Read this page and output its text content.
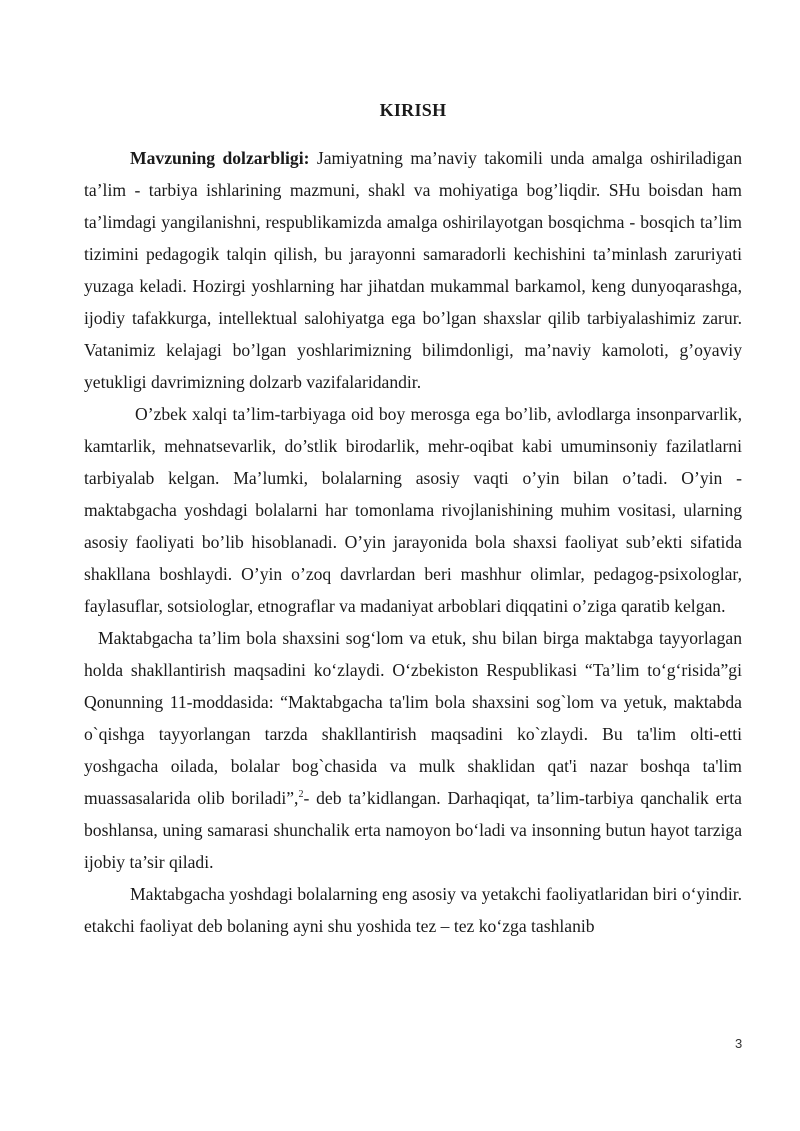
KIRISH

Mavzuning dolzarbligi: Jamiyatning ma’naviy takomili unda amalga oshiriladigan ta’lim - tarbiya ishlarining mazmuni, shakl va mohiyatiga bog’liqdir. SHu boisdan ham ta’limdagi yangilanishni, respublikamizda amalga oshirilayotgan bosqichma - bosqich ta’lim tizimini pedagogik talqin qilish, bu jarayonni samaradorli kechishini ta’minlash zaruriyati yuzaga keladi. Hozirgi yoshlarning har jihatdan mukammal barkamol, keng dunyoqarashga, ijodiy tafakkurga, intellektual salohiyatga ega bo’lgan shaxslar qilib tarbiyalashimiz zarur. Vatanimiz kelajagi bo’lgan yoshlarimizning bilimdonligi, ma’naviy kamoloti, g’oyaviy yetukligi davrimizning dolzarb vazifalaridandir.

O’zbek xalqi ta’lim-tarbiyaga oid boy merosga ega bo’lib, avlodlarga insonparvarlik, kamtarlik, mehnatsevarlik, do’stlik birodarlik, mehr-oqibat kabi umuminsoniy fazilatlarni tarbiyalab kelgan. Ma’lumki, bolalarning asosiy vaqti o’yin bilan o’tadi. O’yin - maktabgacha yoshdagi bolalarni har tomonlama rivojlanishining muhim vositasi, ularning asosiy faoliyati bo’lib hisoblanadi. O’yin jarayonida bola shaxsi faoliyat sub’ekti sifatida shakllana boshlaydi. O’yin o’zoq davrlardan beri mashhur olimlar, pedagog-psixologlar, faylasuflar, sotsiologlar, etnograflar va madaniyat arboblari diqqatini o’ziga qaratib kelgan.

Maktabgacha ta’lim bola shaxsini sog‘lom va etuk, shu bilan birga maktabga tayyorlagan holda shakllantirish maqsadini ko‘zlaydi. O‘zbekiston Respublikasi “Ta’lim to‘g‘risida”gi Qonunning 11-moddasida: “Maktabgacha ta'lim bola shaxsini sog`lom va yetuk, maktabda o`qishga tayyorlangan tarzda shakllantirish maqsadini ko`zlaydi. Bu ta'lim olti-etti yoshgacha oilada, bolalar bog`chasida va mulk shaklidan qat'i nazar boshqa ta'lim muassasalarida olib boriladi”,$^2$- deb ta’kidlangan. Darhaqiqat, ta’lim-tarbiya qanchalik erta boshlansa, uning samarasi shunchalik erta namoyon bo‘ladi va insonning butun hayot tarziga ijobiy ta’sir qiladi.

Maktabgacha yoshdagi bolalarning eng asosiy va yetakchi faoliyatlaridan biri o‘yindir. etakchi faoliyat deb bolaning ayni shu yoshida tez – tez ko‘zga tashlanib

3
